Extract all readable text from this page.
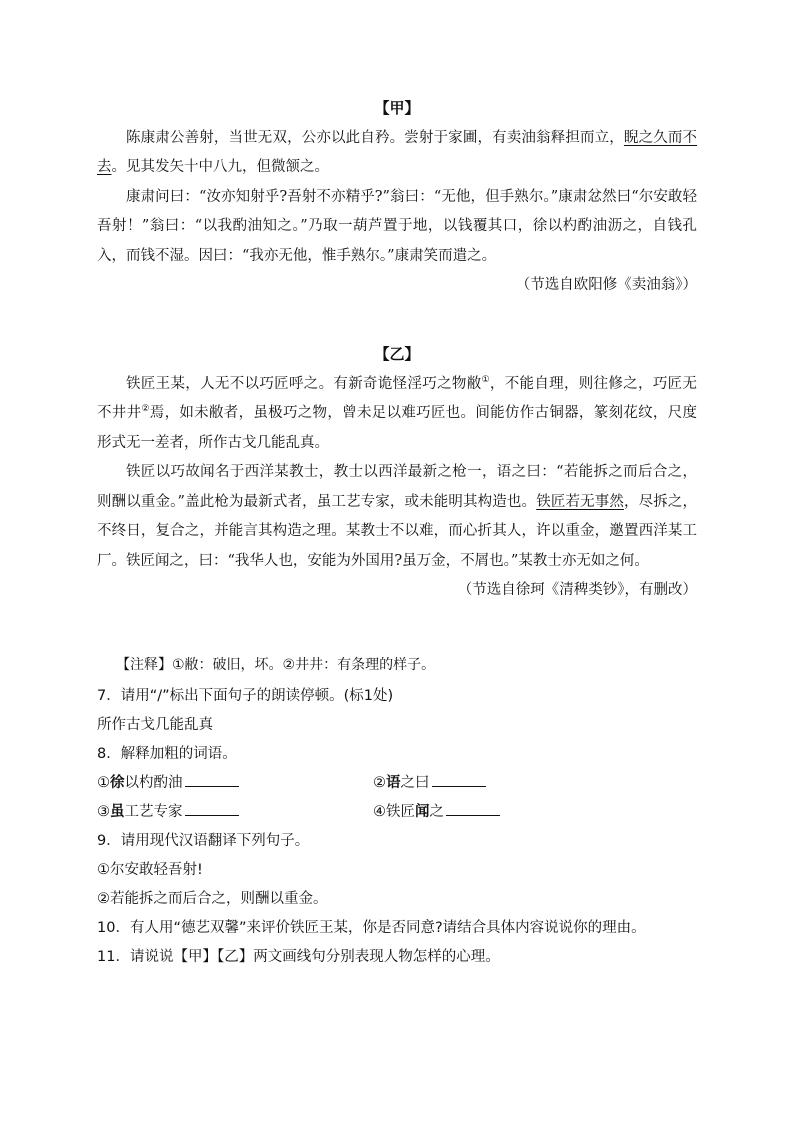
【甲】

陈康肃公善射，当世无双，公亦以此自矜。尝射于家圃，有卖油翁释担而立，睨之久而不去。见其发矢十中八九，但微颔之。

康肃问曰：“汝亦知射乎?吾射不亦精乎?”翁曰：“无他，但手熟尔。”康肃忿然曰“尔安敢轻吾射！”翁曰：“以我酌油知之。”乃取一葫芦置于地，以钱覆其口，徐以杓酌油沥之，自钱孔入，而钱不湿。因曰：“我亦无他，惟手熟尔。”康肃笑而遣之。

（节选自欧阳修《卖油翁》）

【乙】

铁匠王某，人无不以巧匠呼之。有新奇诡怪淫巧之物敝①，不能自理，则往修之，巧匠无不井井②焉，如未敝者，虽极巧之物，曾未足以难巧匠也。间能仿作古铜器，篆刻花纹，尺度形式无一差者，所作古戈几能乱真。

铁匠以巧故闻名于西洋某教士，教士以西洋最新之枪一，语之曰：“若能拆之而后合之，则酬以重金。”盖此枪为最新式者，虽工艺专家，或未能明其构造也。铁匠若无事然，尽拆之，不终日，复合之，并能言其构造之理。某教士不以难，而心折其人，许以重金，邀置西洋某工厂。铁匠闻之，曰：“我华人也，安能为外国用?虽万金，不屑也。”某教士亦无如之何。

（节选自徐珂《清稗类钞》，有删改）

【注释】①敝：破旧，坏。②井井：有条理的样子。
7．请用“/”标出下面句子的朗读停顿。(标1处)
所作古戈几能乱真
8．解释加粗的词语。
①徐以杓酌油	②语之曰
③虽工艺专家	④铁匠闻之
9．请用现代汉语翻译下列句子。
①尔安敢轻吾射!
②若能拆之而后合之，则酬以重金。
10．有人用“德艺双馨”来评价铁匠王某，你是否同意?请结合具体内容说说你的理由。
11．请说说【甲】【乙】两文画线句分别表现人物怎样的心理。
